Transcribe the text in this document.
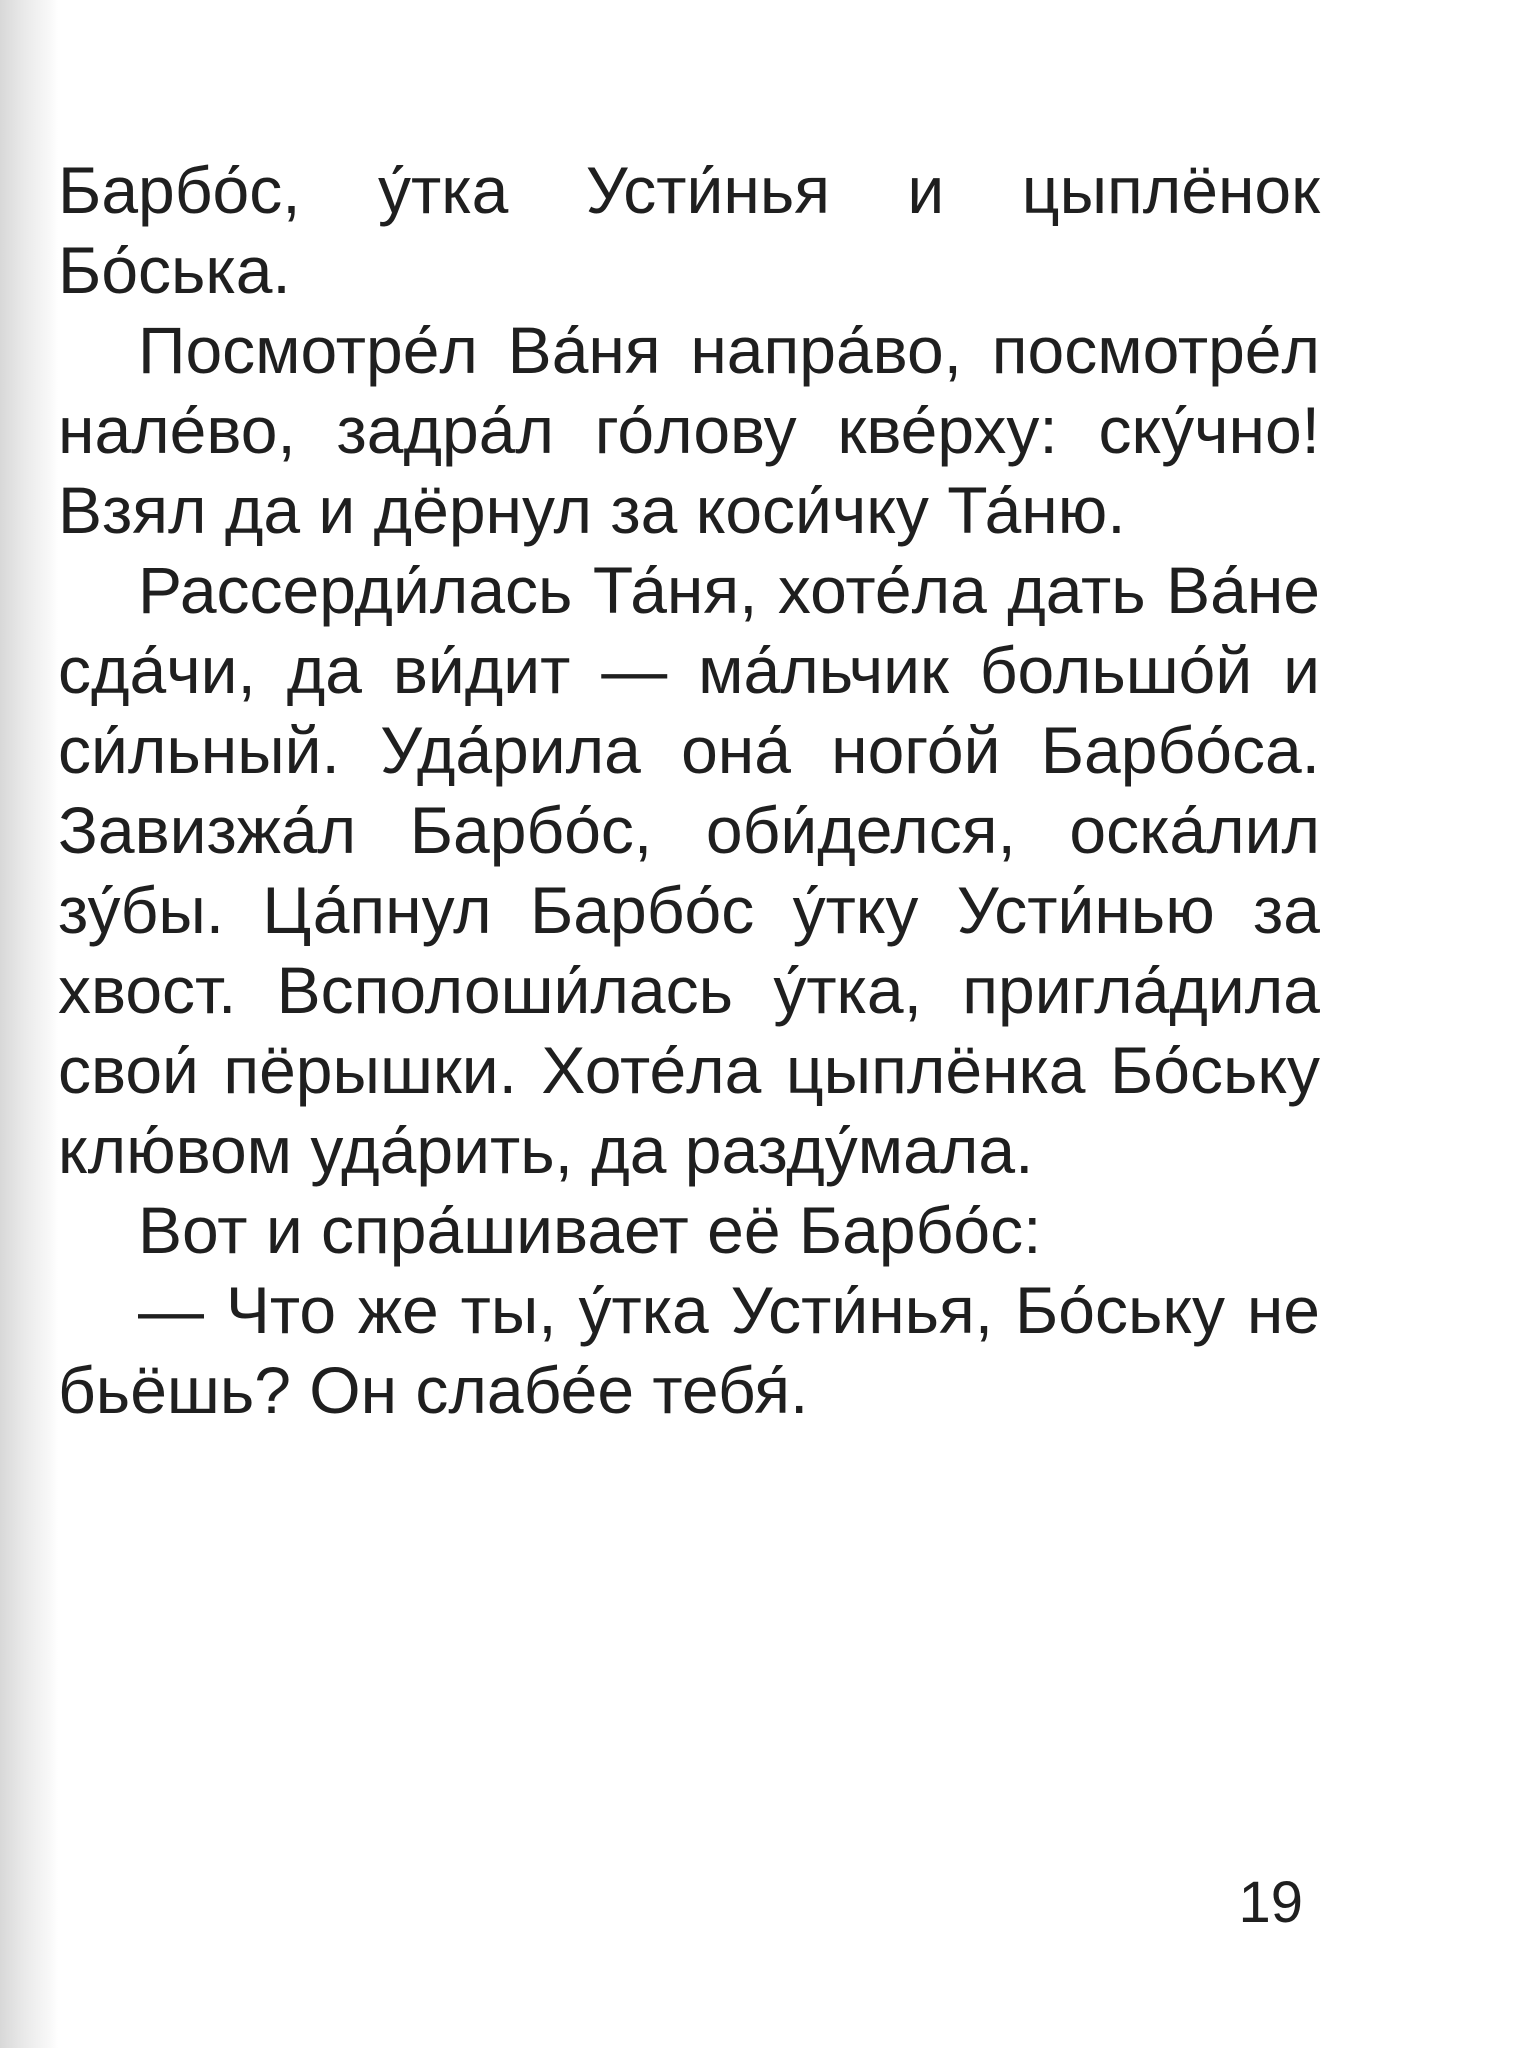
Барбо́с, у́тка Усти́нья и цыплёнок Бо́ська.

Посмотре́л Ва́ня напра́во, посмотре́л нале́во, задра́л го́лову кве́рху: ску́чно! Взял да и дёрнул за коси́чку Та́ню.

Рассерди́лась Та́ня, хоте́ла дать Ва́не сда́чи, да ви́дит — ма́льчик большо́й и си́льный. Уда́рила она́ ного́й Барбо́са. Завизжа́л Барбо́с, оби́делся, оска́лил зу́бы. Ца́пнул Барбо́с у́тку Усти́нью за хвост. Всполоши́лась у́тка, пригла́дила свои́ пёрышки. Хоте́ла цыплёнка Бо́ську клю́вом уда́рить, да разду́мала.

Вот и спра́шивает её Барбо́с:

— Что же ты, у́тка Усти́нья, Бо́ську не бьёшь? Он слабе́е тебя́.

19
